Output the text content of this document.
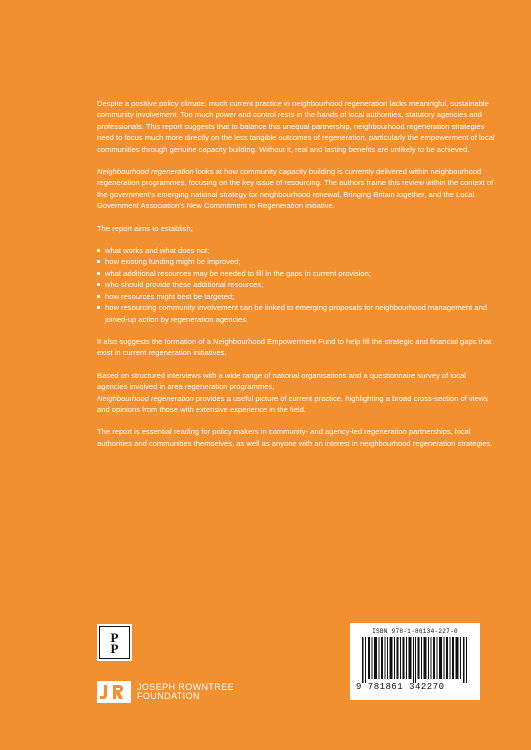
Despite a positive policy climate, much current practice in neighbourhood regeneration lacks meaningful, sustainable community involvement. Too much power and control rests in the hands of local authorities, statutory agencies and professionals. This report suggests that to balance this unequal partnership, neighbourhood regeneration strategies need to focus much more directly on the less tangible outcomes of regeneration, particularly the empowerment of local communities through genuine capacity building. Without it, real and lasting benefits are unlikely to be achieved.

Neighbourhood regeneration looks at how community capacity building is currently delivered within neighbourhood regeneration programmes, focusing on the key issue of resourcing. The authors frame this review within the context of the government's emerging national strategy for neighbourhood renewal, Bringing Britain together, and the Local Government Association's New Commitment to Regeneration initiative.

The report aims to establish;

what works and what does not;
how existing funding might be improved;
what additional resources may be needed to fill in the gaps in current provision;
who should provide these additional resources;
how resources might best be targeted;
how resourcing community involvement can be linked to emerging proposals for neighbourhood management and joined-up action by regeneration agencies.

It also suggests the formation of a Neighbourhood Empowerment Fund to help fill the strategic and financial gaps that exist in current regeneration initiatives.

Based on structured interviews with a wide range of national organisations and a questionnaire survey of local agencies involved in area regeneration programmes,
Neighbourhood regeneration provides a useful picture of current practice, highlighting a broad cross-section of views and opinions from those with extensive experience in the field.

The report is essential reading for policy makers in community- and agency-led regeneration partnerships, local authorities and communities themselves, as well as anyone with an interest in neighbourhood regeneration strategies.

P
P
ISBN 978-1-86134-227-0
9 781861 342270
JOSEPH ROWNTREE
FOUNDATION
